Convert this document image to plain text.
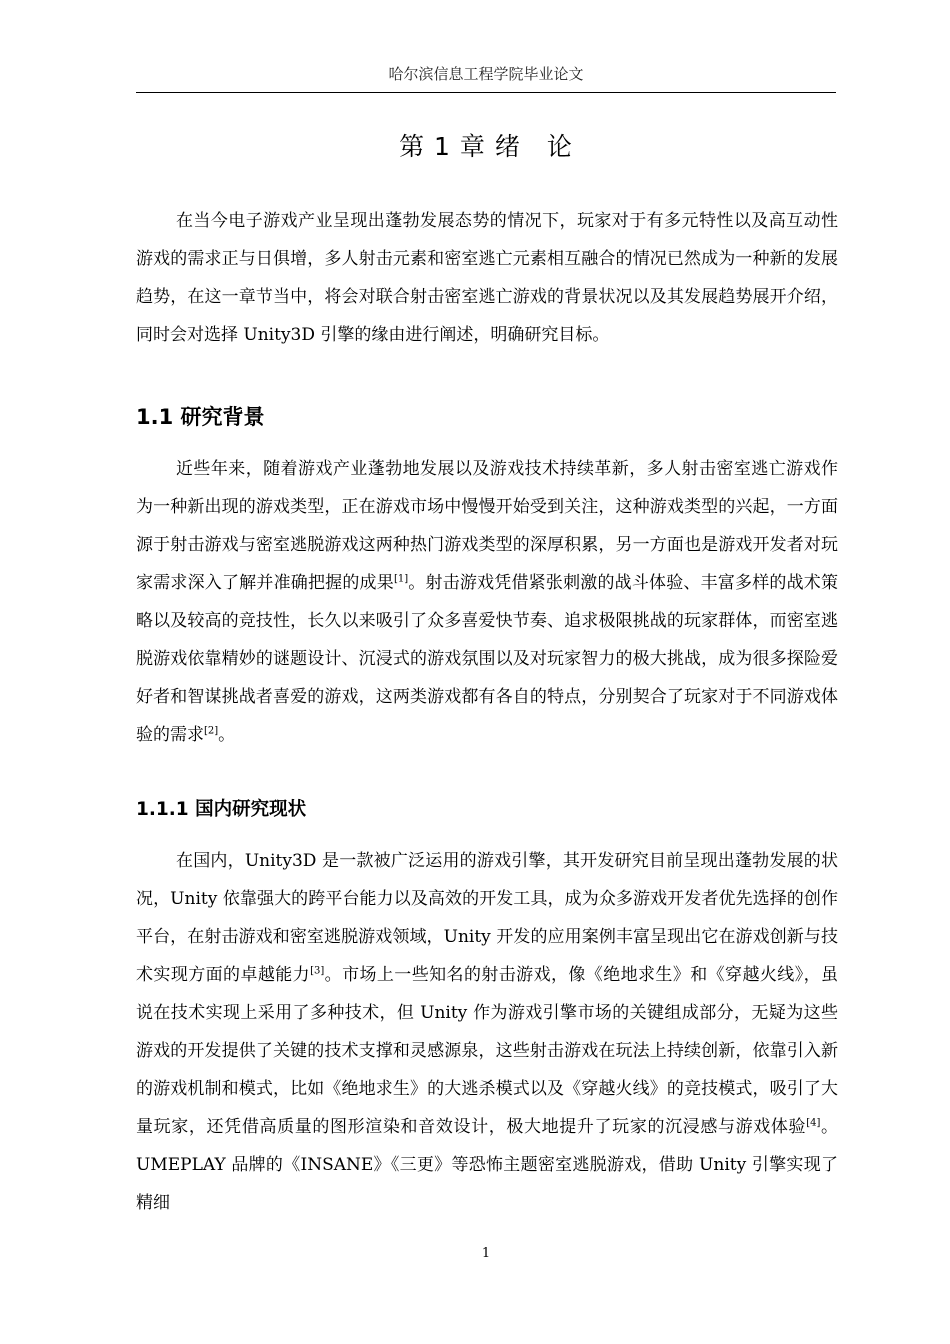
哈尔滨信息工程学院毕业论文
第 1 章 绪 论

在当今电子游戏产业呈现出蓬勃发展态势的情况下，玩家对于有多元特性以及高互动性游戏的需求正与日俱增，多人射击元素和密室逃亡元素相互融合的情况已然成为一种新的发展趋势，在这一章节当中，将会对联合射击密室逃亡游戏的背景状况以及其发展趋势展开介绍，同时会对选择 Unity3D 引擎的缘由进行阐述，明确研究目标。

1.1 研究背景

近些年来，随着游戏产业蓬勃地发展以及游戏技术持续革新，多人射击密室逃亡游戏作为一种新出现的游戏类型，正在游戏市场中慢慢开始受到关注，这种游戏类型的兴起，一方面源于射击游戏与密室逃脱游戏这两种热门游戏类型的深厚积累，另一方面也是游戏开发者对玩家需求深入了解并准确把握的成果[1]。射击游戏凭借紧张刺激的战斗体验、丰富多样的战术策略以及较高的竞技性，长久以来吸引了众多喜爱快节奏、追求极限挑战的玩家群体，而密室逃脱游戏依靠精妙的谜题设计、沉浸式的游戏氛围以及对玩家智力的极大挑战，成为很多探险爱好者和智谋挑战者喜爱的游戏，这两类游戏都有各自的特点，分别契合了玩家对于不同游戏体验的需求[2]。

1.1.1 国内研究现状

在国内，Unity3D 是一款被广泛运用的游戏引擎，其开发研究目前呈现出蓬勃发展的状况，Unity 依靠强大的跨平台能力以及高效的开发工具，成为众多游戏开发者优先选择的创作平台，在射击游戏和密室逃脱游戏领域，Unity 开发的应用案例丰富呈现出它在游戏创新与技术实现方面的卓越能力[3]。市场上一些知名的射击游戏，像《绝地求生》和《穿越火线》，虽说在技术实现上采用了多种技术，但 Unity 作为游戏引擎市场的关键组成部分，无疑为这些游戏的开发提供了关键的技术支撑和灵感源泉，这些射击游戏在玩法上持续创新，依靠引入新的游戏机制和模式，比如《绝地求生》的大逃杀模式以及《穿越火线》的竞技模式，吸引了大量玩家，还凭借高质量的图形渲染和音效设计，极大地提升了玩家的沉浸感与游戏体验[4]。UMEPLAY 品牌的《INSANE》《三更》等恐怖主题密室逃脱游戏，借助 Unity 引擎实现了精细

1
